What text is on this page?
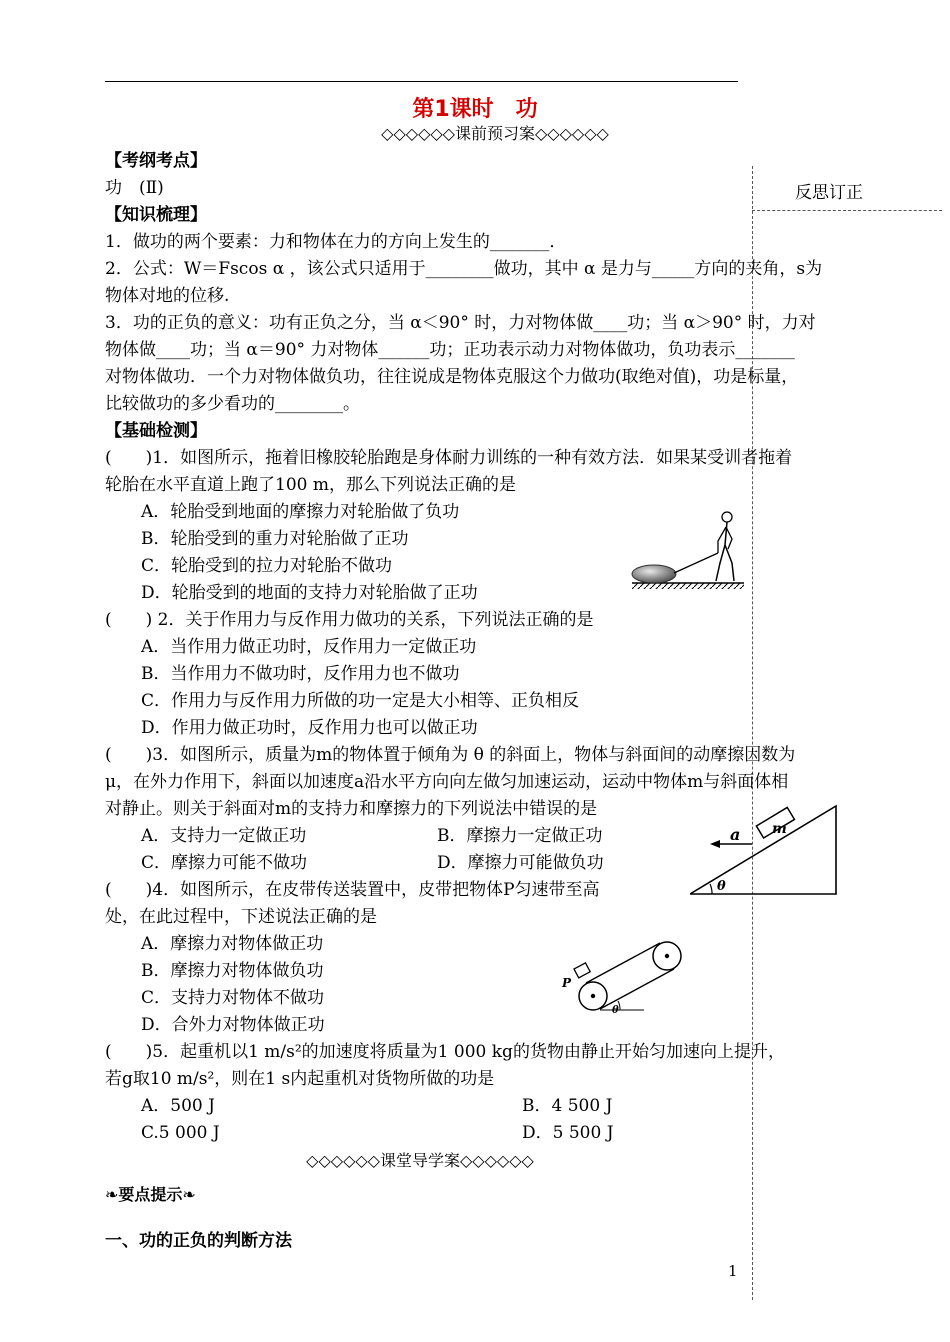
第1课时　功
◇◇◇◇◇◇课前预习案◇◇◇◇◇◇
反思订正
【考纲考点】
功　(Ⅱ)
【知识梳理】
1．做功的两个要素：力和物体在力的方向上发生的_______．
2．公式：W＝Fscos α ，该公式只适用于________做功，其中 α 是力与_____方向的夹角，s为
物体对地的位移.
3．功的正负的意义：功有正负之分，当 α＜90° 时，力对物体做____功；当 α＞90° 时，力对
物体做____功；当 α＝90° 力对物体______功；正功表示动力对物体做功，负功表示_______
对物体做功．一个力对物体做负功，往往说成是物体克服这个力做功(取绝对值)，功是标量，
比较做功的多少看功的________。
【基础检测】
(　　)1．如图所示，拖着旧橡胶轮胎跑是身体耐力训练的一种有效方法．如果某受训者拖着
轮胎在水平直道上跑了100 m，那么下列说法正确的是
A．轮胎受到地面的摩擦力对轮胎做了负功
B．轮胎受到的重力对轮胎做了正功
C．轮胎受到的拉力对轮胎不做功
D．轮胎受到的地面的支持力对轮胎做了正功
(　　) 2．关于作用力与反作用力做功的关系，下列说法正确的是
A．当作用力做正功时，反作用力一定做正功
B．当作用力不做功时，反作用力也不做功
C．作用力与反作用力所做的功一定是大小相等、正负相反
D．作用力做正功时，反作用力也可以做正功
(　　)3．如图所示，质量为m的物体置于倾角为 θ 的斜面上，物体与斜面间的动摩擦因数为
μ，在外力作用下，斜面以加速度a沿水平方向向左做匀加速运动，运动中物体m与斜面体相
对静止。则关于斜面对m的支持力和摩擦力的下列说法中错误的是
A．支持力一定做正功	B．摩擦力一定做正功
C．摩擦力可能不做功	D．摩擦力可能做负功
m
a
θ
(　　)4．如图所示，在皮带传送装置中，皮带把物体P匀速带至高
处，在此过程中，下述说法正确的是
A．摩擦力对物体做正功
B．摩擦力对物体做负功
C．支持力对物体不做功
D．合外力对物体做正功
P
θ
(　　)5．起重机以1 m/s²的加速度将质量为1 000 kg的货物由静止开始匀加速向上提升，
若g取10 m/s²，则在1 s内起重机对货物所做的功是
A．500 J	B．4 500 J
C.5 000 J	D．5 500 J
◇◇◇◇◇◇课堂导学案◇◇◇◇◇◇
❧要点提示❧
一、功的正负的判断方法
1
